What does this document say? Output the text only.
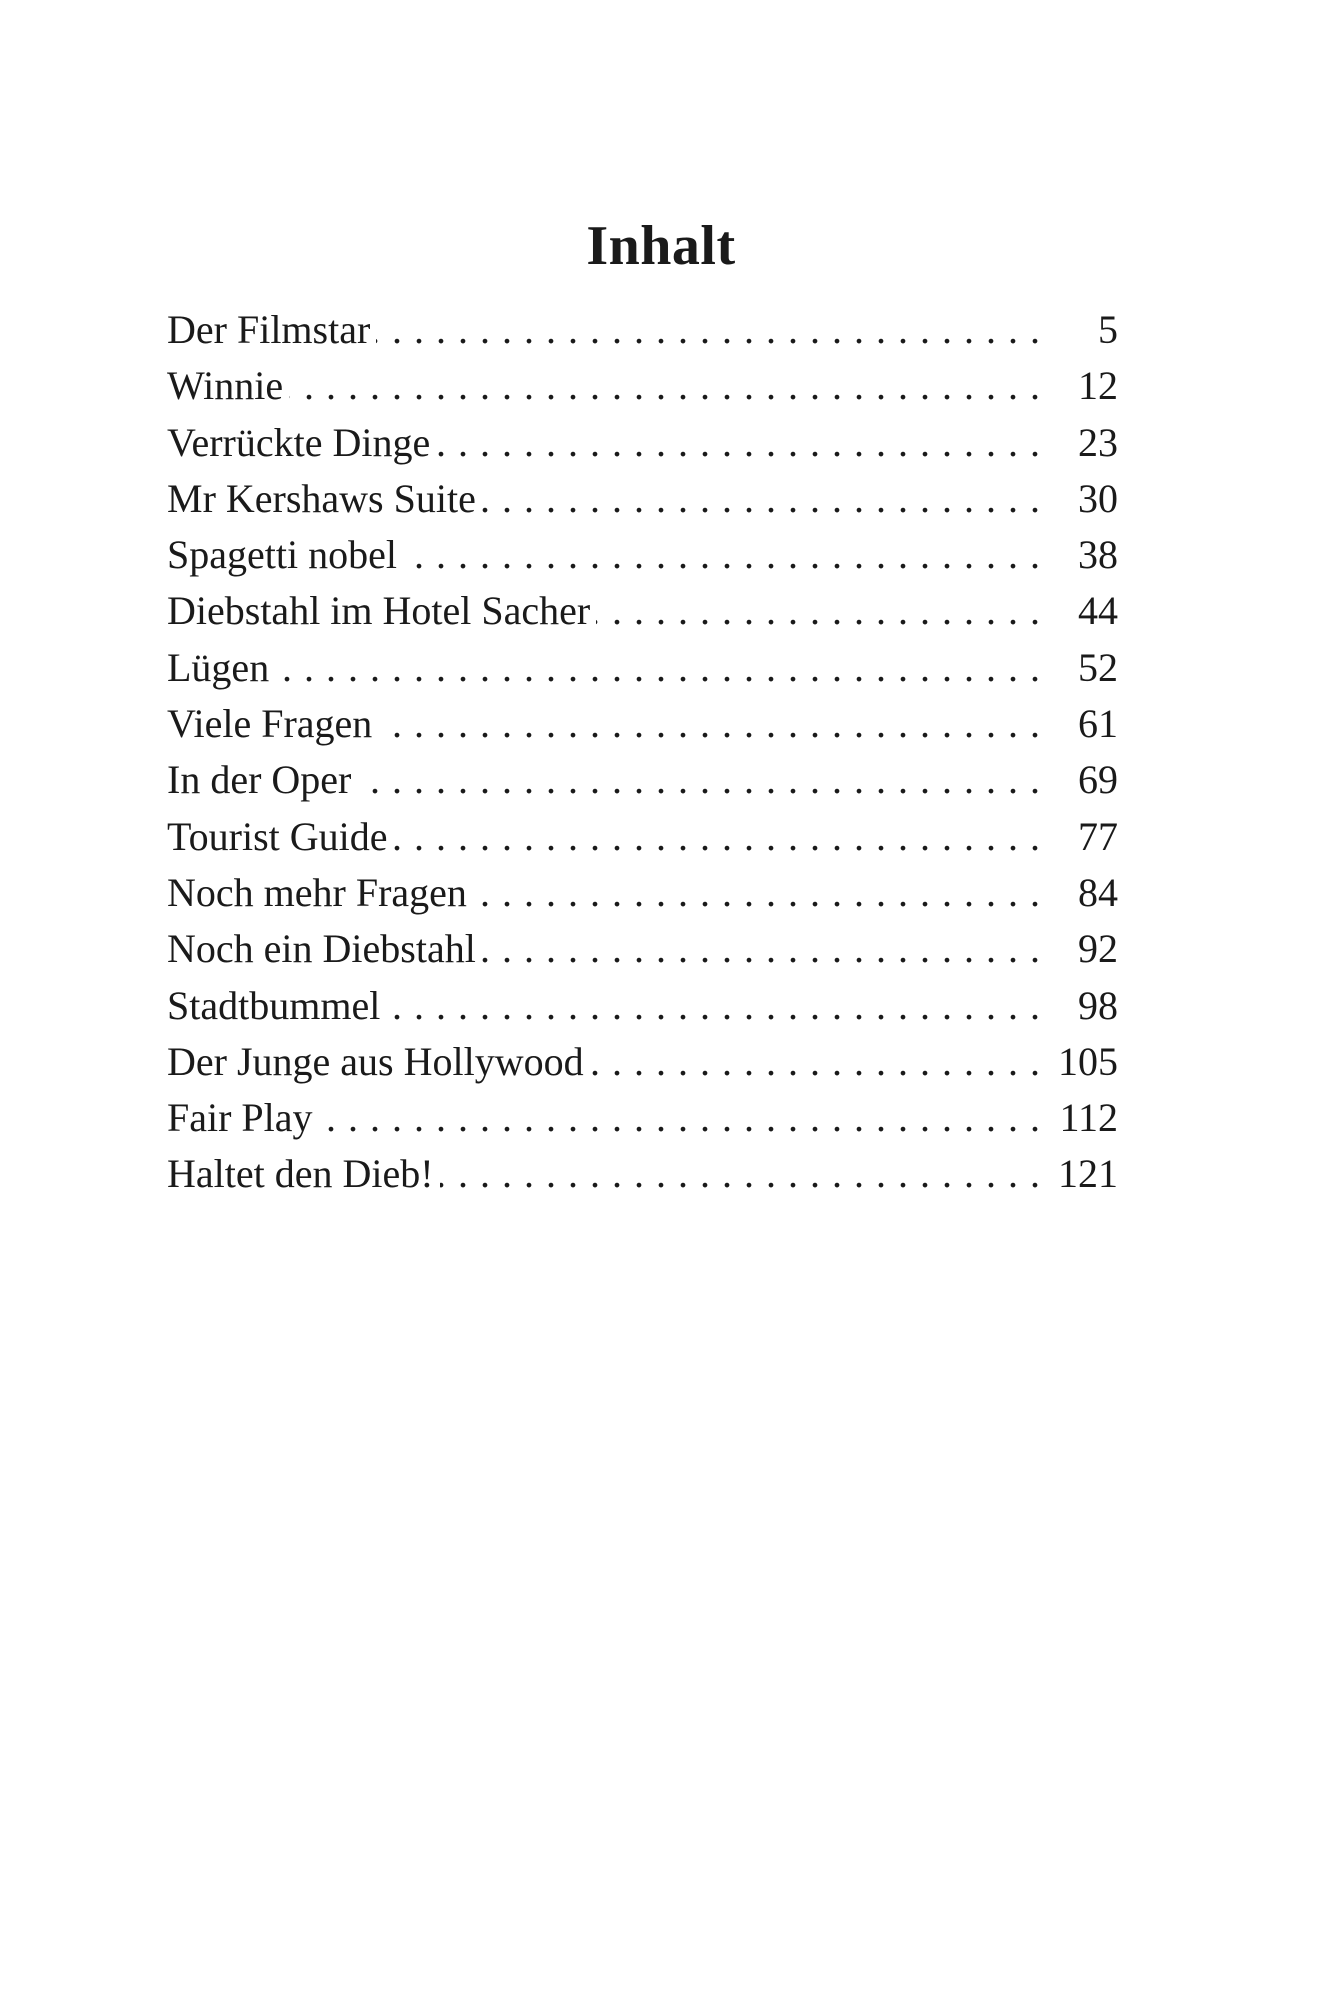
Inhalt
Der Filmstar . . .	5
Winnie . . .	12
Verrückte Dinge . . .	23
Mr Kershaws Suite . . .	30
Spagetti nobel . . .	38
Diebstahl im Hotel Sacher . . .	44
Lügen . . .	52
Viele Fragen . . .	61
In der Oper . . .	69
Tourist Guide . . .	77
Noch mehr Fragen . . .	84
Noch ein Diebstahl . . .	92
Stadtbummel . . .	98
Der Junge aus Hollywood . . .	105
Fair Play . . .	112
Haltet den Dieb! . . .	121
